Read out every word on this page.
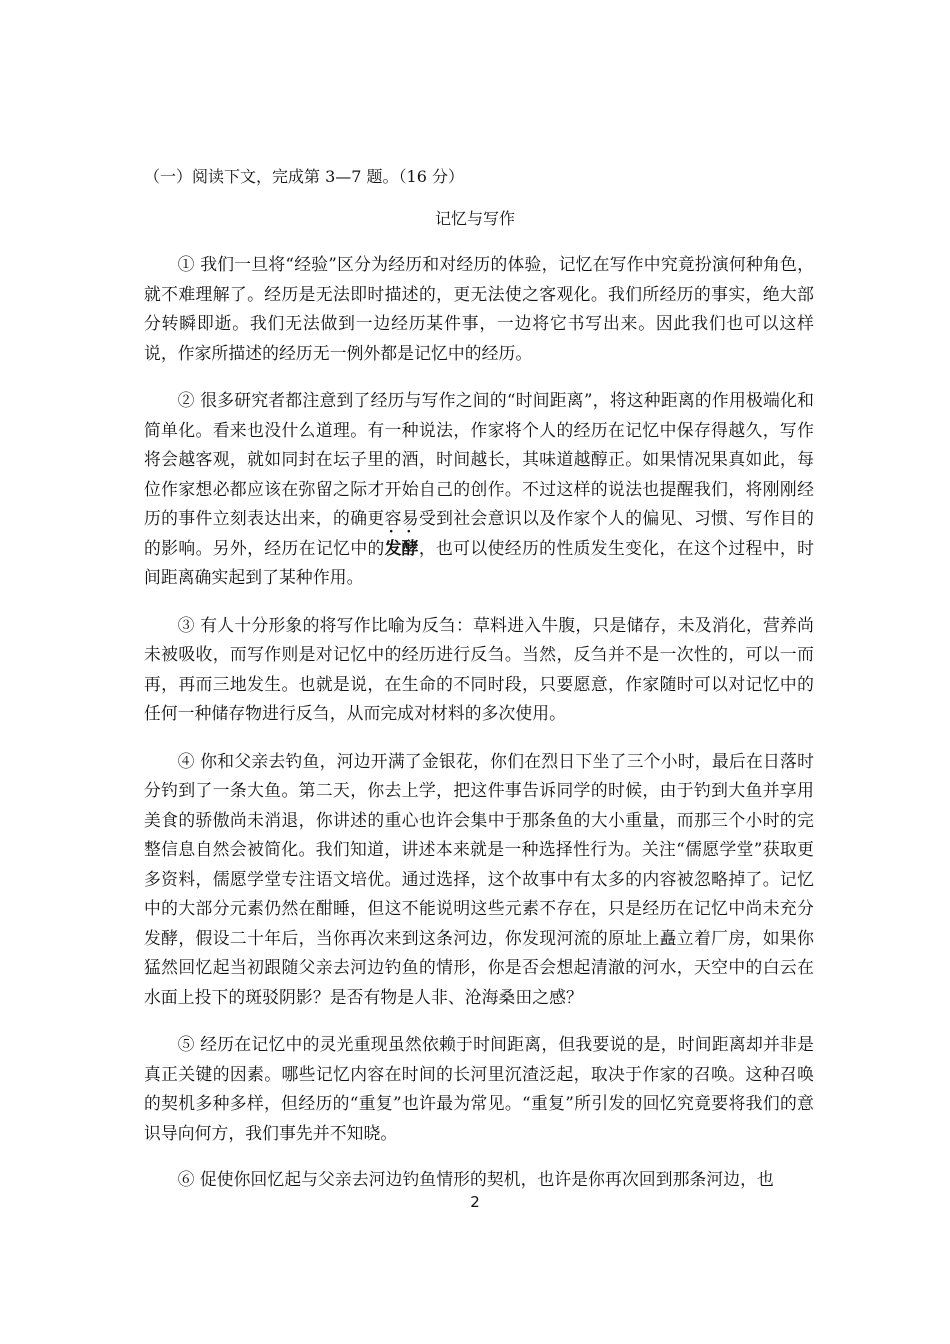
（一）阅读下文，完成第 3—7 题。（16 分）
记忆与写作

① 我们一旦将“经验”区分为经历和对经历的体验，记忆在写作中究竟扮演何种角色，就不难理解了。经历是无法即时描述的，更无法使之客观化。我们所经历的事实，绝大部分转瞬即逝。我们无法做到一边经历某件事，一边将它书写出来。因此我们也可以这样说，作家所描述的经历无一例外都是记忆中的经历。

② 很多研究者都注意到了经历与写作之间的“时间距离”，将这种距离的作用极端化和简单化。看来也没什么道理。有一种说法，作家将个人的经历在记忆中保存得越久，写作将会越客观，就如同封在坛子里的酒，时间越长，其味道越醇正。如果情况果真如此，每位作家想必都应该在弥留之际才开始自己的创作。不过这样的说法也提醒我们，将刚刚经历的事件立刻表达出来，的确更容易受到社会意识以及作家个人的偏见、习惯、写作目的的影响。另外，经历在记忆中的· · 发酵，也可以使经历的性质发生变化，在这个过程中，时间距离确实起到了某种作用。

③ 有人十分形象的将写作比喻为反刍：草料进入牛腹，只是储存，未及消化，营养尚未被吸收，而写作则是对记忆中的经历进行反刍。当然，反刍并不是一次性的，可以一而再，再而三地发生。也就是说，在生命的不同时段，只要愿意，作家随时可以对记忆中的任何一种储存物进行反刍，从而完成对材料的多次使用。

④ 你和父亲去钓鱼，河边开满了金银花，你们在烈日下坐了三个小时，最后在日落时分钓到了一条大鱼。第二天，你去上学，把这件事告诉同学的时候，由于钓到大鱼并享用美食的骄傲尚未消退，你讲述的重心也许会集中于那条鱼的大小重量，而那三个小时的完整信息自然会被简化。我们知道，讲述本来就是一种选择性行为。关注“儒愿学堂”获取更多资料，儒愿学堂专注语文培优。通过选择，这个故事中有太多的内容被忽略掉了。记忆中的大部分元素仍然在酣睡，但这不能说明这些元素不存在，只是经历在记忆中尚未充分发酵，假设二十年后，当你再次来到这条河边，你发现河流的原址上矗立着厂房，如果你猛然回忆起当初跟随父亲去河边钓鱼的情形，你是否会想起清澈的河水，天空中的白云在水面上投下的斑驳阴影？是否有物是人非、沧海桑田之感？

⑤ 经历在记忆中的灵光重现虽然依赖于时间距离，但我要说的是，时间距离却并非是真正关键的因素。哪些记忆内容在时间的长河里沉渣泛起，取决于作家的召唤。这种召唤的契机多种多样，但经历的“重复”也许最为常见。“重复”所引发的回忆究竟要将我们的意识导向何方，我们事先并不知晓。

⑥ 促使你回忆起与父亲去河边钓鱼情形的契机，也许是你再次回到那条河边，也

2
